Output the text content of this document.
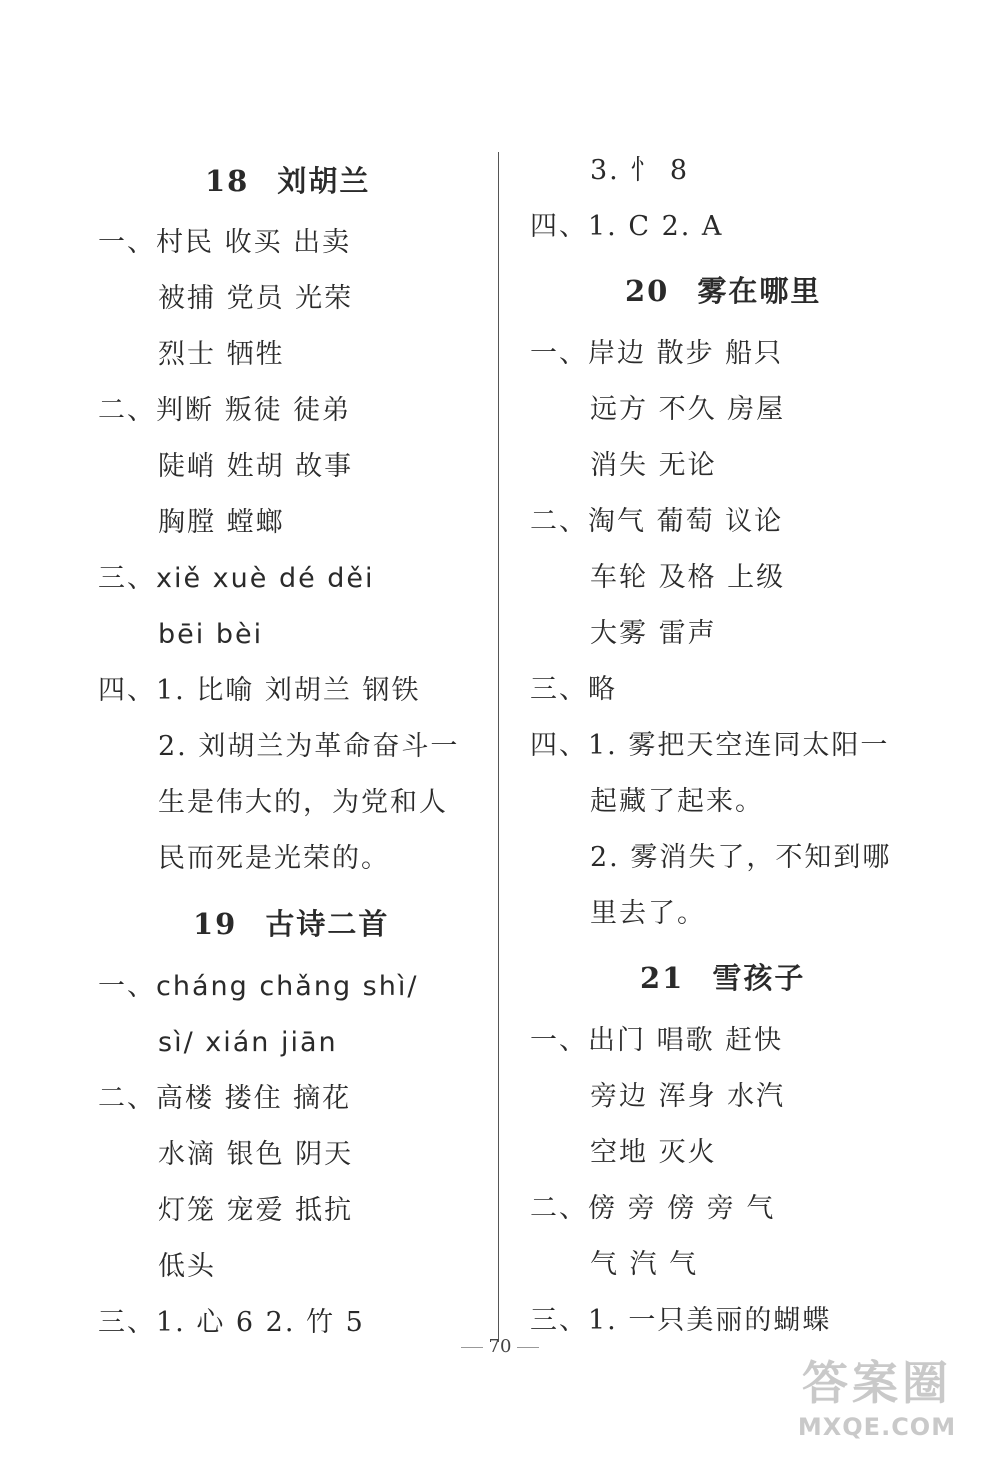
18 刘胡兰
一、村民 收买 出卖
被捕 党员 光荣
烈士 牺牲
二、判断 叛徒 徒弟
陡峭 姓胡 故事
胸膛 螳螂
三、xiě xuè dé děi
bēi bèi
四、1. 比喻 刘胡兰 钢铁
2. 刘胡兰为革命奋斗一
生是伟大的，为党和人
民而死是光荣的。
19 古诗二首
一、cháng chǎng shì/
sì/ xián jiān
二、高楼 搂住 摘花
水滴 银色 阴天
灯笼 宠爱 抵抗
低头
三、1. 心 6 2. 竹 5
3. 忄 8
四、1. C 2. A
20 雾在哪里
一、岸边 散步 船只
远方 不久 房屋
消失 无论
二、淘气 葡萄 议论
车轮 及格 上级
大雾 雷声
三、略
四、1. 雾把天空连同太阳一
起藏了起来。
2. 雾消失了，不知到哪
里去了。
21 雪孩子
一、出门 唱歌 赶快
旁边 浑身 水汽
空地 灭火
二、傍 旁 傍 旁 气
气 汽 气
三、1. 一只美丽的蝴蝶
70
答案圈
MXQE.COM
